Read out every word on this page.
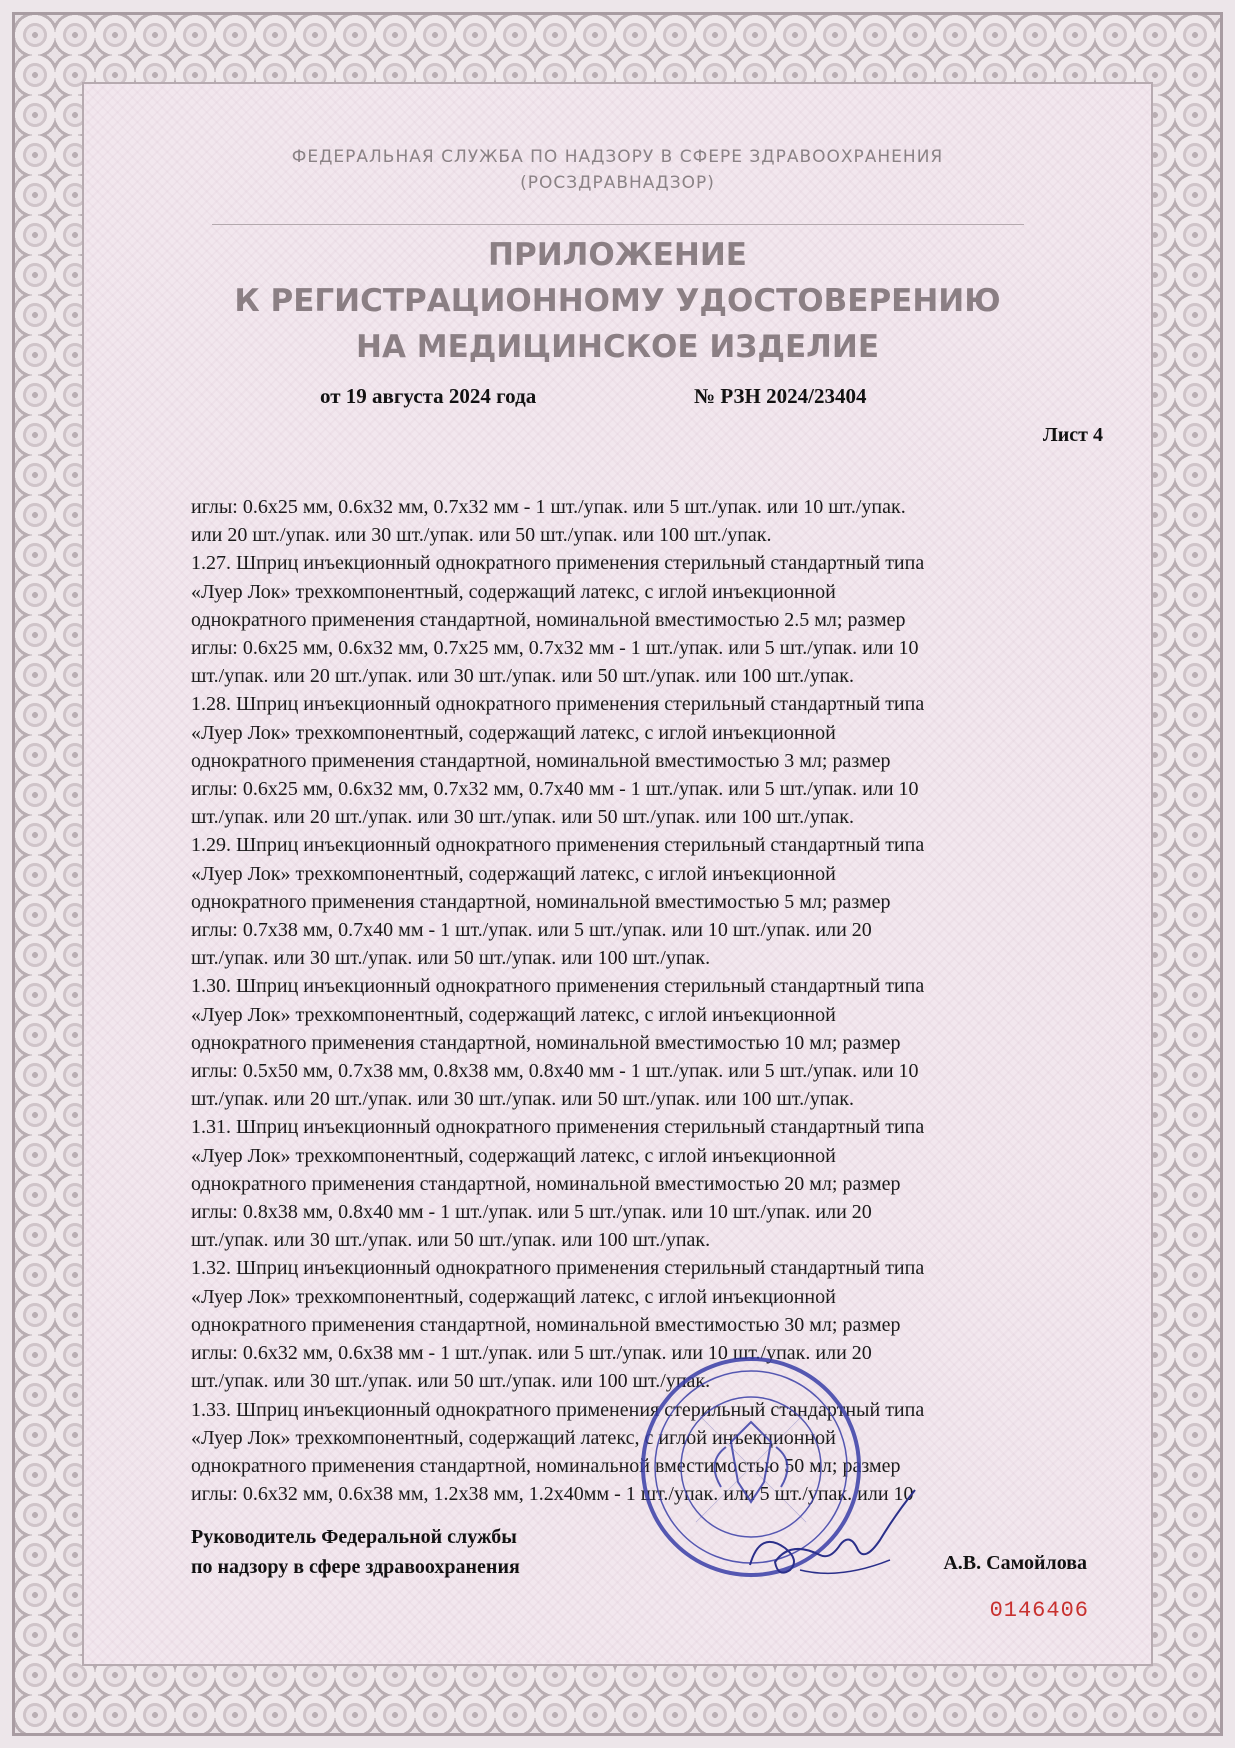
ФЕДЕРАЛЬНАЯ СЛУЖБА ПО НАДЗОРУ В СФЕРЕ ЗДРАВООХРАНЕНИЯ
(РОСЗДРАВНАДЗОР)
ПРИЛОЖЕНИЕ
К РЕГИСТРАЦИОННОМУ УДОСТОВЕРЕНИЮ
НА МЕДИЦИНСКОЕ ИЗДЕЛИЕ
от 19 августа 2024 года	№ РЗН 2024/23404
Лист 4
иглы: 0.6x25 мм, 0.6x32 мм, 0.7x32 мм - 1 шт./упак. или 5 шт./упак. или 10 шт./упак.
или 20 шт./упак. или 30 шт./упак. или 50 шт./упак. или 100 шт./упак.
1.27. Шприц инъекционный однократного применения стерильный стандартный типа
«Луер Лок» трехкомпонентный, содержащий латекс, с иглой инъекционной
однократного применения стандартной, номинальной вместимостью 2.5 мл; размер
иглы: 0.6x25 мм, 0.6x32 мм, 0.7x25 мм, 0.7x32 мм - 1 шт./упак. или 5 шт./упак. или 10
шт./упак. или 20 шт./упак. или 30 шт./упак. или 50 шт./упак. или 100 шт./упак.
1.28. Шприц инъекционный однократного применения стерильный стандартный типа
«Луер Лок» трехкомпонентный, содержащий латекс, с иглой инъекционной
однократного применения стандартной, номинальной вместимостью 3 мл; размер
иглы: 0.6x25 мм, 0.6x32 мм, 0.7x32 мм, 0.7x40 мм - 1 шт./упак. или 5 шт./упак. или 10
шт./упак. или 20 шт./упак. или 30 шт./упак. или 50 шт./упак. или 100 шт./упак.
1.29. Шприц инъекционный однократного применения стерильный стандартный типа
«Луер Лок» трехкомпонентный, содержащий латекс, с иглой инъекционной
однократного применения стандартной, номинальной вместимостью 5 мл; размер
иглы: 0.7x38 мм, 0.7x40 мм - 1 шт./упак. или 5 шт./упак. или 10 шт./упак. или 20
шт./упак. или 30 шт./упак. или 50 шт./упак. или 100 шт./упак.
1.30. Шприц инъекционный однократного применения стерильный стандартный типа
«Луер Лок» трехкомпонентный, содержащий латекс, с иглой инъекционной
однократного применения стандартной, номинальной вместимостью 10 мл; размер
иглы: 0.5x50 мм, 0.7x38 мм, 0.8x38 мм, 0.8x40 мм - 1 шт./упак. или 5 шт./упак. или 10
шт./упак. или 20 шт./упак. или 30 шт./упак. или 50 шт./упак. или 100 шт./упак.
1.31. Шприц инъекционный однократного применения стерильный стандартный типа
«Луер Лок» трехкомпонентный, содержащий латекс, с иглой инъекционной
однократного применения стандартной, номинальной вместимостью 20 мл; размер
иглы: 0.8x38 мм, 0.8x40 мм - 1 шт./упак. или 5 шт./упак. или 10 шт./упак. или 20
шт./упак. или 30 шт./упак. или 50 шт./упак. или 100 шт./упак.
1.32. Шприц инъекционный однократного применения стерильный стандартный типа
«Луер Лок» трехкомпонентный, содержащий латекс, с иглой инъекционной
однократного применения стандартной, номинальной вместимостью 30 мл; размер
иглы: 0.6x32 мм, 0.6x38 мм - 1 шт./упак. или 5 шт./упак. или 10 шт./упак. или 20
шт./упак. или 30 шт./упак. или 50 шт./упак. или 100 шт./упак.
1.33. Шприц инъекционный однократного применения стерильный стандартный типа
«Луер Лок» трехкомпонентный, содержащий латекс, с иглой инъекционной
однократного применения стандартной, номинальной вместимостью 50 мл; размер
иглы: 0.6x32 мм, 0.6x38 мм, 1.2x38 мм, 1.2x40мм - 1 шт./упак. или 5 шт./упак. или 10
Руководитель Федеральной службы
по надзору в сфере здравоохранения	А.В. Самойлова
0146406
